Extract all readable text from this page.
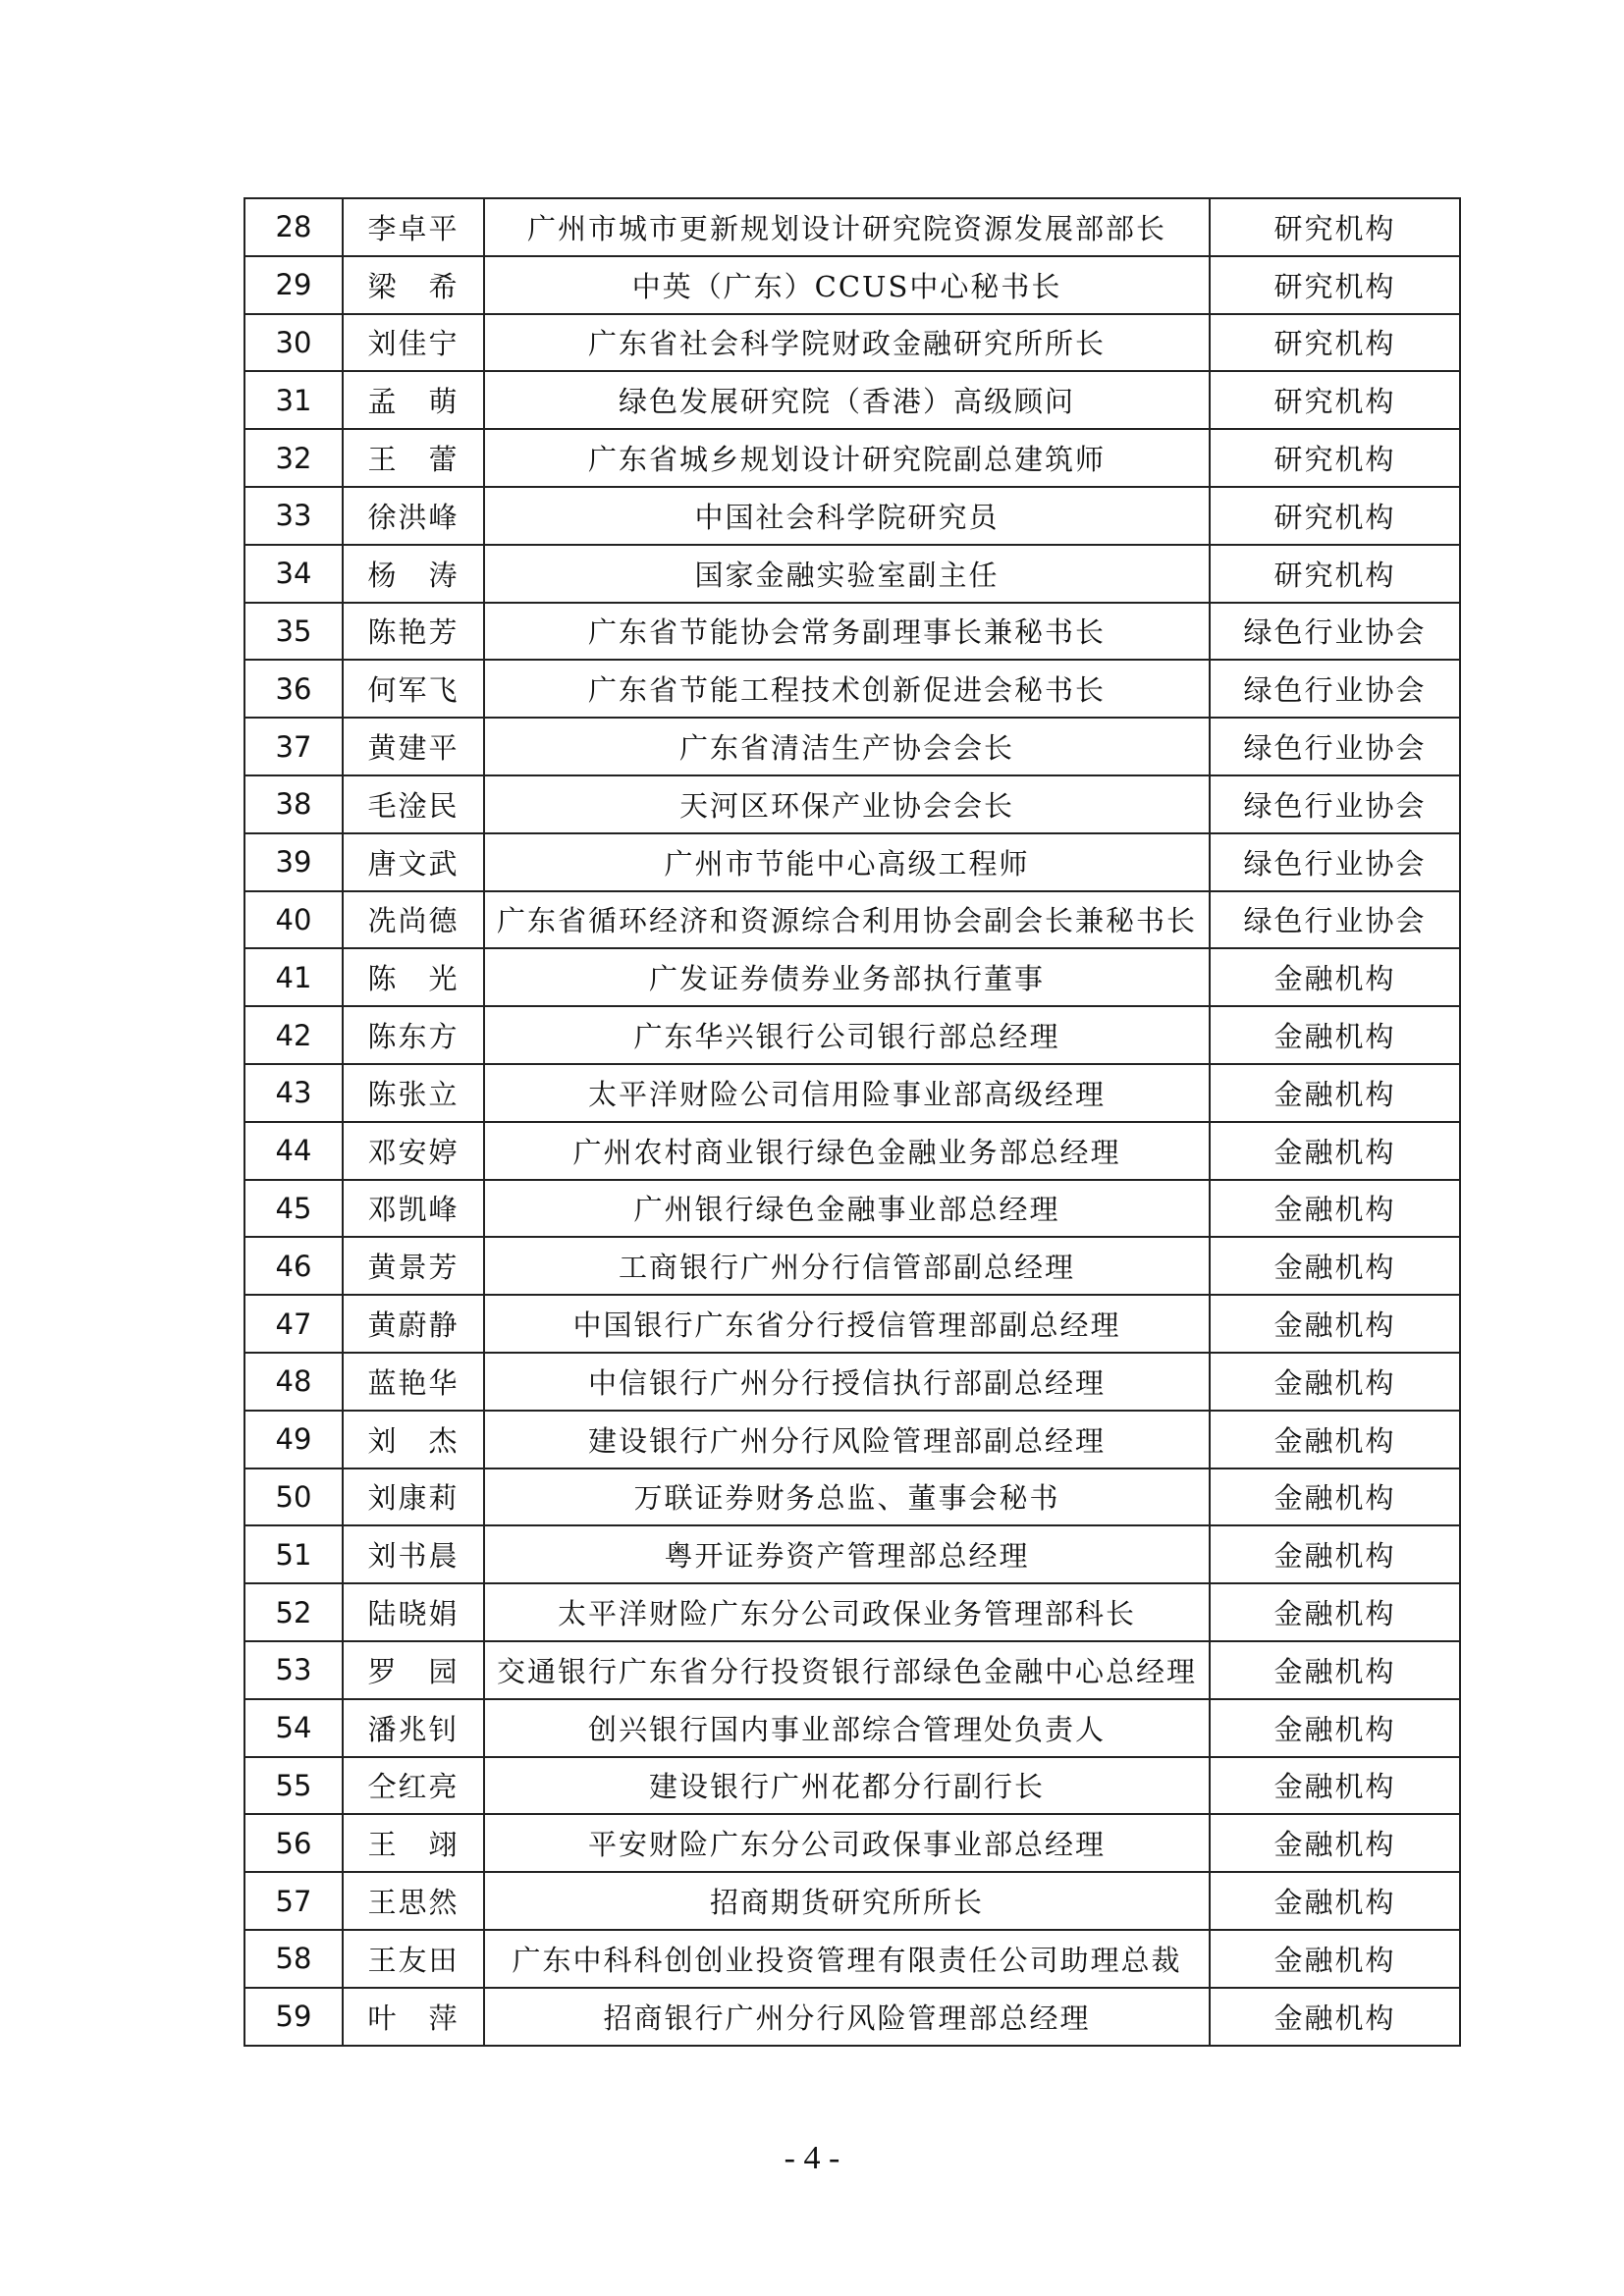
28	李卓平	广州市城市更新规划设计研究院资源发展部部长	研究机构
29	梁　希	中英（广东）CCUS中心秘书长	研究机构
30	刘佳宁	广东省社会科学院财政金融研究所所长	研究机构
31	孟　萌	绿色发展研究院（香港）高级顾问	研究机构
32	王　蕾	广东省城乡规划设计研究院副总建筑师	研究机构
33	徐洪峰	中国社会科学院研究员	研究机构
34	杨　涛	国家金融实验室副主任	研究机构
35	陈艳芳	广东省节能协会常务副理事长兼秘书长	绿色行业协会
36	何军飞	广东省节能工程技术创新促进会秘书长	绿色行业协会
37	黄建平	广东省清洁生产协会会长	绿色行业协会
38	毛淦民	天河区环保产业协会会长	绿色行业协会
39	唐文武	广州市节能中心高级工程师	绿色行业协会
40	冼尚德	广东省循环经济和资源综合利用协会副会长兼秘书长	绿色行业协会
41	陈　光	广发证券债券业务部执行董事	金融机构
42	陈东方	广东华兴银行公司银行部总经理	金融机构
43	陈张立	太平洋财险公司信用险事业部高级经理	金融机构
44	邓安婷	广州农村商业银行绿色金融业务部总经理	金融机构
45	邓凯峰	广州银行绿色金融事业部总经理	金融机构
46	黄景芳	工商银行广州分行信管部副总经理	金融机构
47	黄蔚静	中国银行广东省分行授信管理部副总经理	金融机构
48	蓝艳华	中信银行广州分行授信执行部副总经理	金融机构
49	刘　杰	建设银行广州分行风险管理部副总经理	金融机构
50	刘康莉	万联证券财务总监、董事会秘书	金融机构
51	刘书晨	粤开证券资产管理部总经理	金融机构
52	陆晓娟	太平洋财险广东分公司政保业务管理部科长	金融机构
53	罗　园	交通银行广东省分行投资银行部绿色金融中心总经理	金融机构
54	潘兆钊	创兴银行国内事业部综合管理处负责人	金融机构
55	仝红亮	建设银行广州花都分行副行长	金融机构
56	王　翊	平安财险广东分公司政保事业部总经理	金融机构
57	王思然	招商期货研究所所长	金融机构
58	王友田	广东中科科创创业投资管理有限责任公司助理总裁	金融机构
59	叶　萍	招商银行广州分行风险管理部总经理	金融机构
- 4 -
